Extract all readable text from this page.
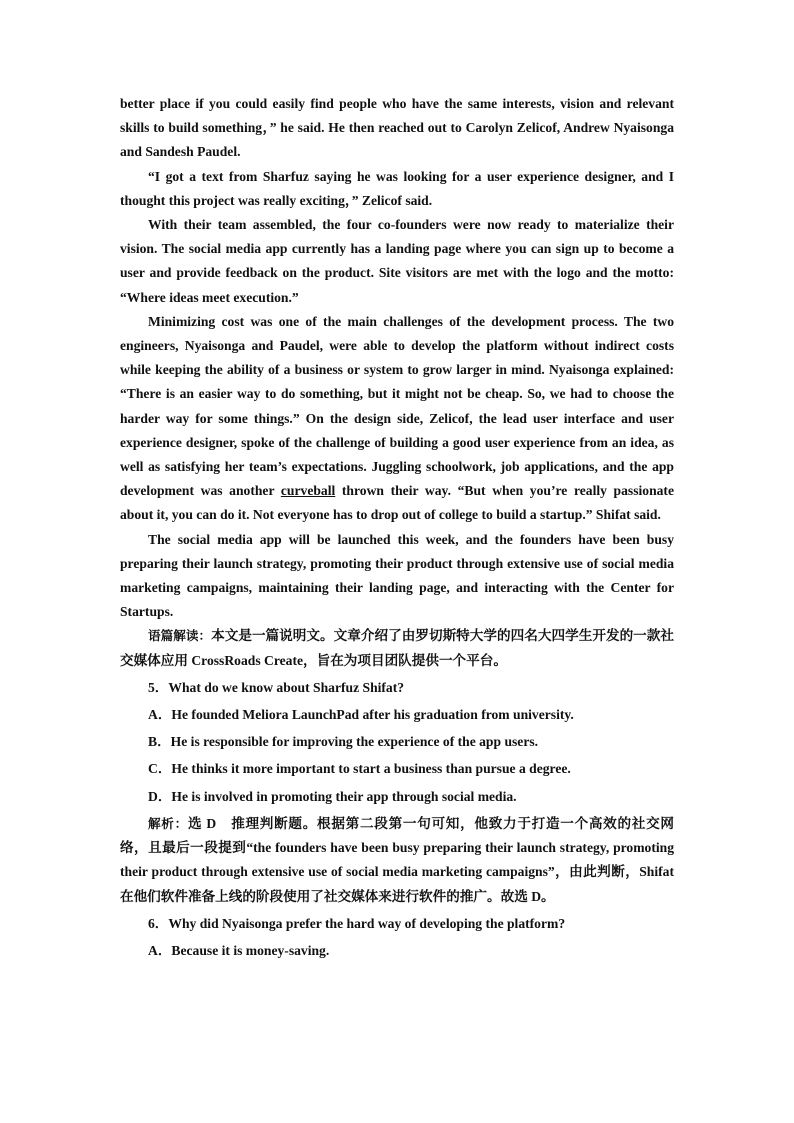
better place if you could easily find people who have the same interests, vision and relevant skills to build something，” he said. He then reached out to Carolyn Zelicof, Andrew Nyaisonga and Sandesh Paudel.

“I got a text from Sharfuz saying he was looking for a user experience designer, and I thought this project was really exciting，” Zelicof said.

With their team assembled, the four co-founders were now ready to materialize their vision. The social media app currently has a landing page where you can sign up to become a user and provide feedback on the product. Site visitors are met with the logo and the motto: “Where ideas meet execution.”

Minimizing cost was one of the main challenges of the development process. The two engineers, Nyaisonga and Paudel, were able to develop the platform without indirect costs while keeping the ability of a business or system to grow larger in mind. Nyaisonga explained: “There is an easier way to do something, but it might not be cheap. So, we had to choose the harder way for some things.” On the design side, Zelicof, the lead user interface and user experience designer, spoke of the challenge of building a good user experience from an idea, as well as satisfying her team’s expectations. Juggling schoolwork, job applications, and the app development was another curveball thrown their way. “But when you’re really passionate about it, you can do it. Not everyone has to drop out of college to build a startup.” Shifat said.

The social media app will be launched this week, and the founders have been busy preparing their launch strategy, promoting their product through extensive use of social media marketing campaigns, maintaining their landing page, and interacting with the Center for Startups.

语篇解读：本文是一篇说明文。文章介绍了由罗切斯特大学的四名大四学生开发的一款社交媒体应用 CrossRoads Create，旨在为项目团队提供一个平台。

5．What do we know about Sharfuz Shifat?

A．He founded Meliora LaunchPad after his graduation from university.

B．He is responsible for improving the experience of the app users.

C．He thinks it more important to start a business than pursue a degree.

D．He is involved in promoting their app through social media.

解析：选 D　推理判断题。根据第二段第一句可知，他致力于打造一个高效的社交网络，且最后一段提到“the founders have been busy preparing their launch strategy, promoting their product through extensive use of social media marketing campaigns”，由此判断，Shifat 在他们软件准备上线的阶段使用了社交媒体来进行软件的推广。故选 D。

6．Why did Nyaisonga prefer the hard way of developing the platform?

A．Because it is money-saving.
